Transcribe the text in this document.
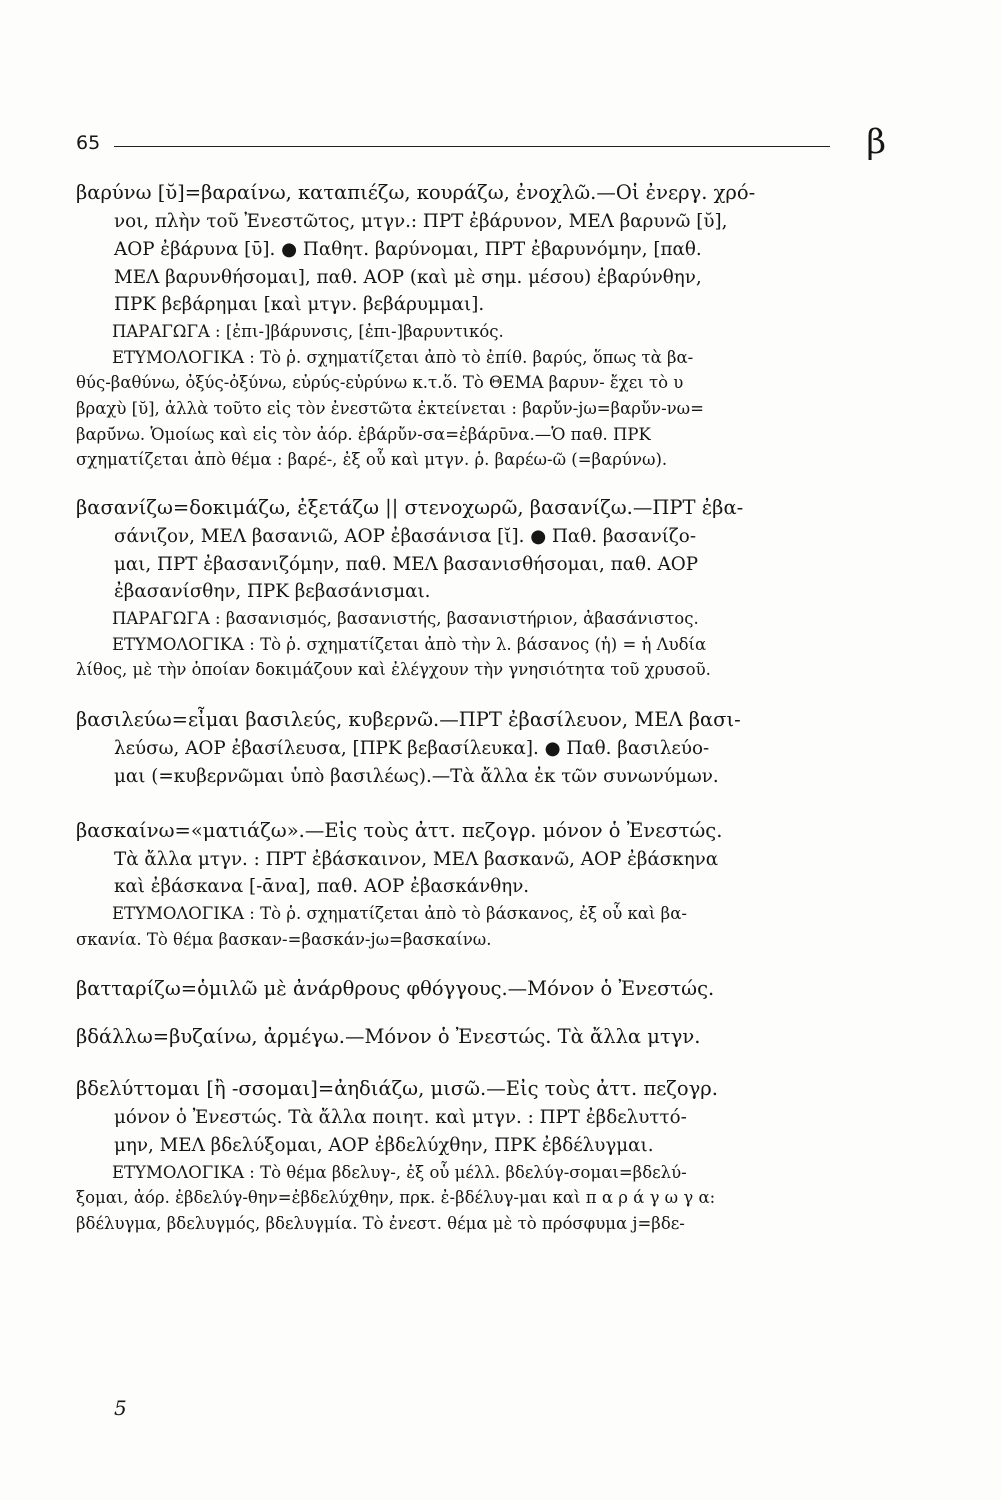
65	β
βαρύνω [ῠ]=βαραίνω, καταπιέζω, κουράζω, ἐνοχλῶ.—Οἱ ἐνεργ. χρό-
νοι, πλὴν τοῦ Ἐνεστῶτος, μτγν.: ΠΡΤ ἐβάρυνον, ΜΕΛ βαρυνῶ [ῠ],
ΑΟΡ ἐβάρυνα [ῡ]. ● Παθητ. βαρύνομαι, ΠΡΤ ἐβαρυνόμην, [παθ.
ΜΕΛ βαρυνθήσομαι], παθ. ΑΟΡ (καὶ μὲ σημ. μέσου) ἐβαρύνθην,
ΠΡΚ βεβάρημαι [καὶ μτγν. βεβάρυμμαι].
ΠΑΡΑΓΩΓΑ : [ἐπι-]βάρυνσις, [ἐπι-]βαρυντικός.
ΕΤΥΜΟΛΟΓΙΚΑ : Τὸ ῥ. σχηματίζεται ἀπὸ τὸ ἐπίθ. βαρύς, ὅπως τὰ βα-
θύς-βαθύνω, ὀξύς-ὀξύνω, εὐρύς-εὐρύνω κ.τ.ὅ. Τὸ ΘΕΜΑ βαρυν- ἔχει τὸ υ
βραχὺ [ῠ], ἀλλὰ τοῦτο εἰς τὸν ἐνεστῶτα ἐκτείνεται : βαρὔν-jω=βαρὔν-νω=
βαρῡ́νω. Ὁμοίως καὶ εἰς τὸν ἀόρ. ἐβάρὔν-σα=ἐβάρῡνα.—Ὁ παθ. ΠΡΚ
σχηματίζεται ἀπὸ θέμα : βαρέ-, ἐξ οὗ καὶ μτγν. ῥ. βαρέω-ῶ (=βαρύνω).
βασανίζω=δοκιμάζω, ἐξετάζω || στενοχωρῶ, βασανίζω.—ΠΡΤ ἐβα-
σάνιζον, ΜΕΛ βασανιῶ, ΑΟΡ ἐβασάνισα [ῐ]. ● Παθ. βασανίζο-
μαι, ΠΡΤ ἐβασανιζόμην, παθ. ΜΕΛ βασανισθήσομαι, παθ. ΑΟΡ
ἐβασανίσθην, ΠΡΚ βεβασάνισμαι.
ΠΑΡΑΓΩΓΑ : βασανισμός, βασανιστής, βασανιστήριον, ἀβασάνιστος.
ΕΤΥΜΟΛΟΓΙΚΑ : Τὸ ῥ. σχηματίζεται ἀπὸ τὴν λ. βάσανος (ἡ) = ἡ Λυδία
λίθος, μὲ τὴν ὁποίαν δοκιμάζουν καὶ ἐλέγχουν τὴν γνησιότητα τοῦ χρυσοῦ.
βασιλεύω=εἶμαι βασιλεύς, κυβερνῶ.—ΠΡΤ ἐβασίλευον, ΜΕΛ βασι-
λεύσω, ΑΟΡ ἐβασίλευσα, [ΠΡΚ βεβασίλευκα]. ● Παθ. βασιλεύο-
μαι (=κυβερνῶμαι ὑπὸ βασιλέως).—Τὰ ἄλλα ἐκ τῶν συνωνύμων.
βασκαίνω=«ματιάζω».—Εἰς τοὺς ἀττ. πεζογρ. μόνον ὁ Ἐνεστώς.
Τὰ ἄλλα μτγν. : ΠΡΤ ἐβάσκαινον, ΜΕΛ βασκανῶ, ΑΟΡ ἐβάσκηνα
καὶ ἐβάσκανα [-ᾱνα], παθ. ΑΟΡ ἐβασκάνθην.
ΕΤΥΜΟΛΟΓΙΚΑ : Τὸ ῥ. σχηματίζεται ἀπὸ τὸ βάσκανος, ἐξ οὗ καὶ βα-
σκανία. Τὸ θέμα βασκαν-=βασκάν-jω=βασκαίνω.
βατταρίζω=ὁμιλῶ μὲ ἀνάρθρους φθόγγους.—Μόνον ὁ Ἐνεστώς.
βδάλλω=βυζαίνω, ἀρμέγω.—Μόνον ὁ Ἐνεστώς. Τὰ ἄλλα μτγν.
βδελύττομαι [ἢ -σσομαι]=ἀηδιάζω, μισῶ.—Εἰς τοὺς ἀττ. πεζογρ.
μόνον ὁ Ἐνεστώς. Τὰ ἄλλα ποιητ. καὶ μτγν. : ΠΡΤ ἐβδελυττό-
μην, ΜΕΛ βδελύξομαι, ΑΟΡ ἐβδελύχθην, ΠΡΚ ἐβδέλυγμαι.
ΕΤΥΜΟΛΟΓΙΚΑ : Τὸ θέμα βδελυγ-, ἐξ οὗ μέλλ. βδελύγ-σομαι=βδελύ-
ξομαι, ἀόρ. ἐβδελύγ-θην=ἐβδελύχθην, πρκ. ἐ-βδέλυγ-μαι καὶ π α ρ ά γ ω γ α:
βδέλυγμα, βδελυγμός, βδελυγμία. Τὸ ἐνεστ. θέμα μὲ τὸ πρόσφυμα j=βδε-
5
